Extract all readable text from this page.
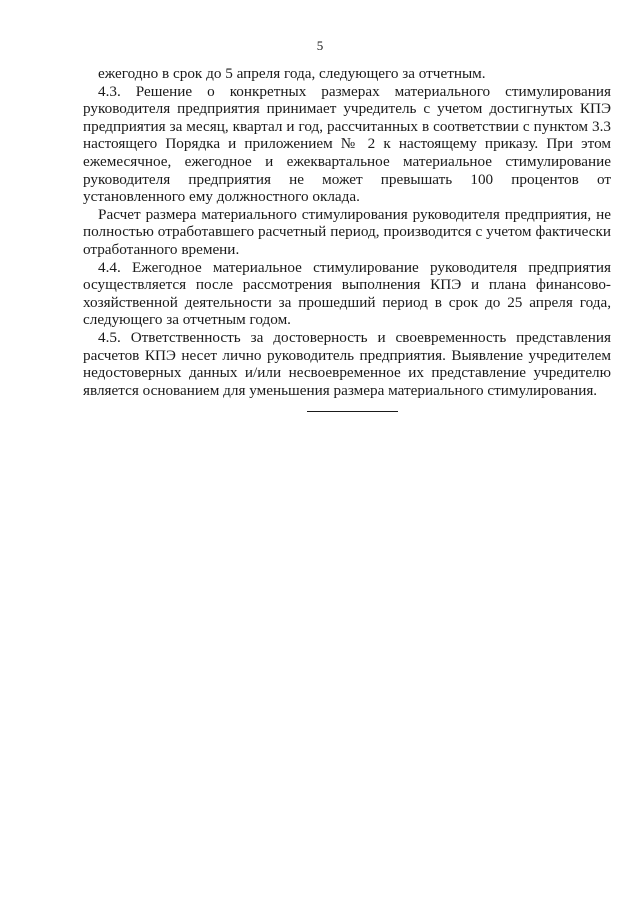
5

ежегодно в срок до 5 апреля года, следующего за отчетным.

4.3. Решение о конкретных размерах материального стимулирования руководителя предприятия принимает учредитель с учетом достигнутых КПЭ предприятия за месяц, квартал и год, рассчитанных в соответствии с пунктом 3.3 настоящего Порядка и приложением № 2 к настоящему приказу. При этом ежемесячное, ежегодное и ежеквартальное материальное стимулирование руководителя предприятия не может превышать 100 процентов от установленного ему должностного оклада.

Расчет размера материального стимулирования руководителя предприятия, не полностью отработавшего расчетный период, производится с учетом фактически отработанного времени.

4.4. Ежегодное материальное стимулирование руководителя предприятия осуществляется после рассмотрения выполнения КПЭ и плана финансово-хозяйственной деятельности за прошедший период в срок до 25 апреля года, следующего за отчетным годом.

4.5. Ответственность за достоверность и своевременность представления расчетов КПЭ несет лично руководитель предприятия. Выявление учредителем недостоверных данных и/или несвоевременное их представление учредителю является основанием для уменьшения размера материального стимулирования.
